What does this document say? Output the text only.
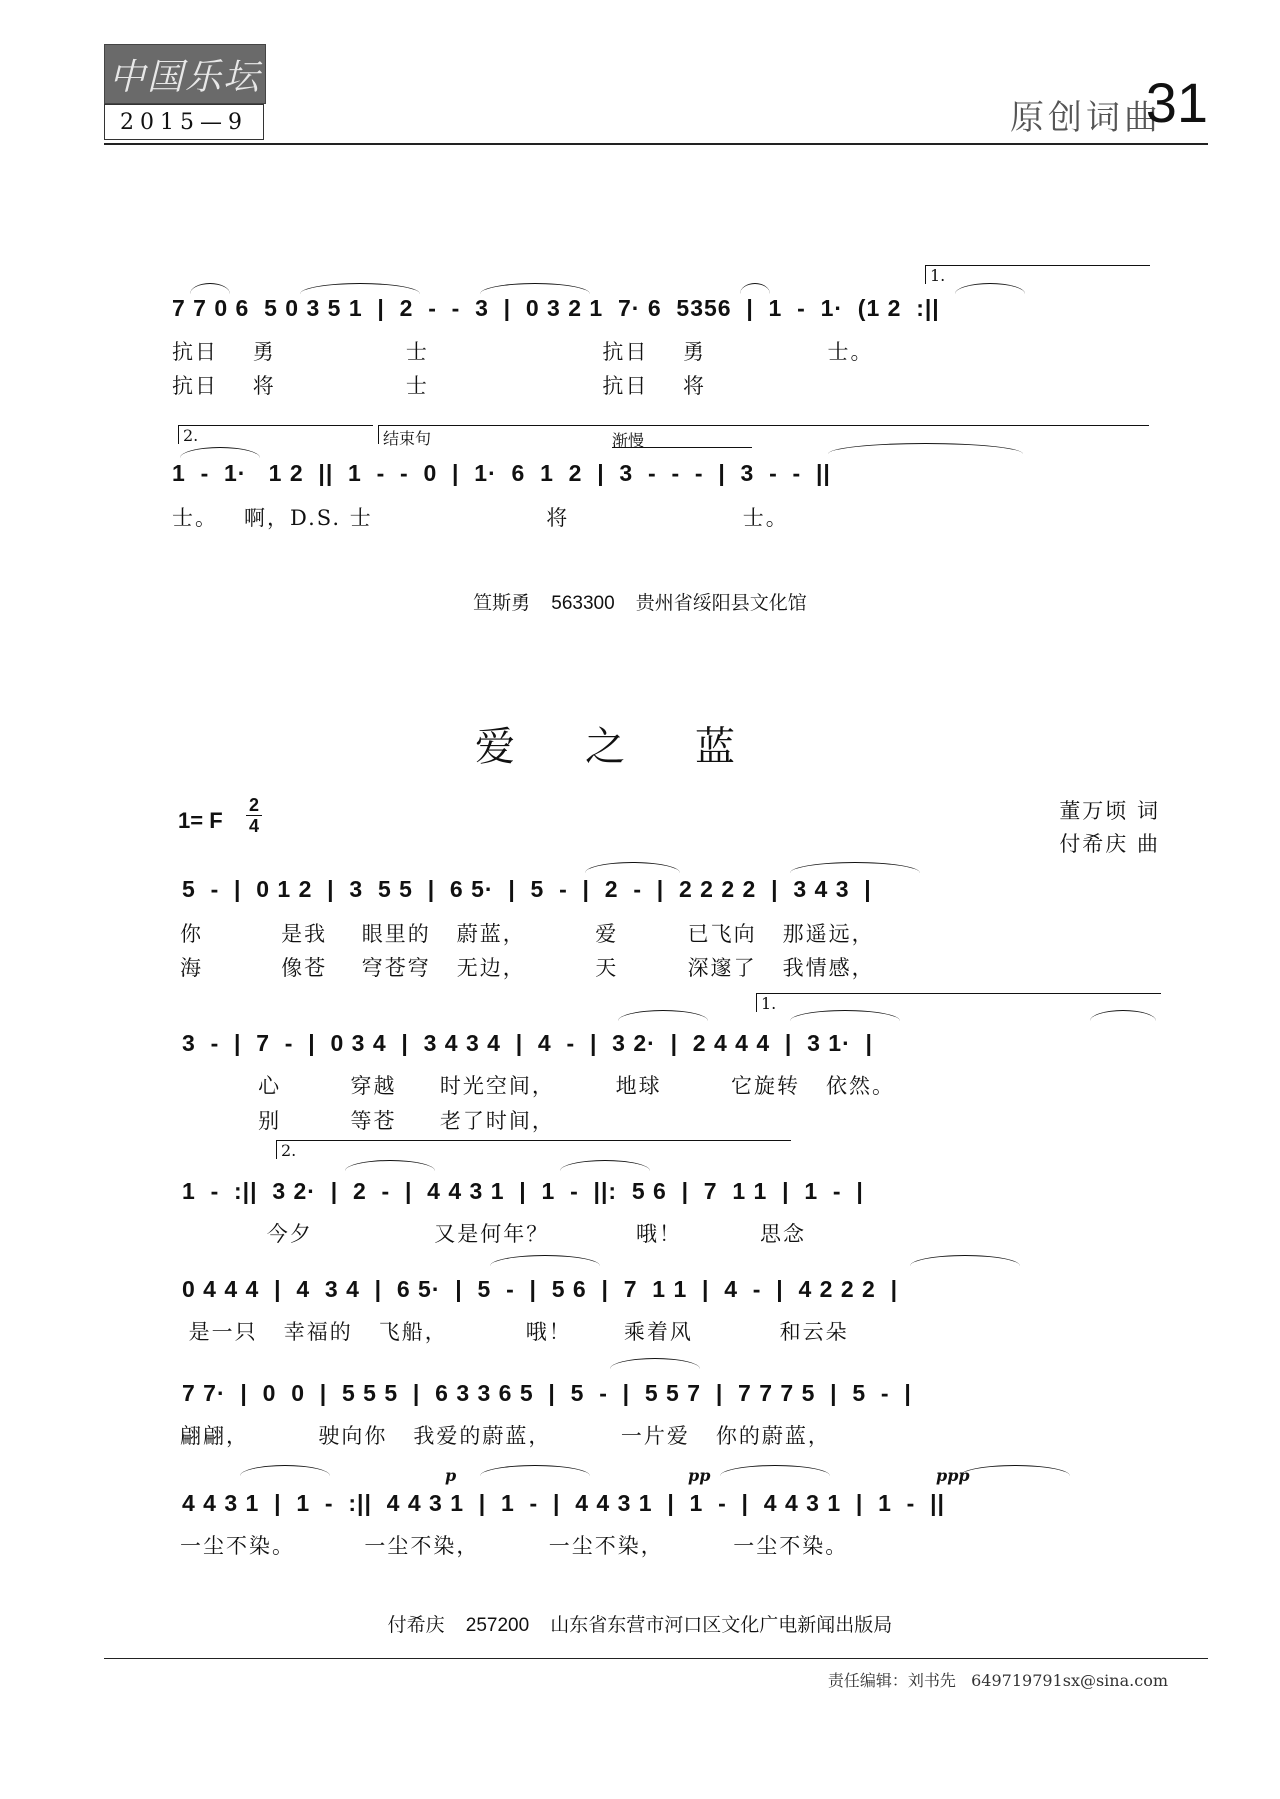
中国乐坛
2015—9	原创词曲
31
1.
7 7 0 6  5 0 3 5 1  |  2  -  -  3  |  0 3 2 1  7· 6  5356  |  1  -  1·  (1 2  :||
抗日    勇               士                    抗日    勇              士。
抗日    将               士                    抗日    将
2.	结束句	渐慢
1  -  1·   1 2  ||  1  -  -  0  |  1·  6  1  2  |  3  -  -  -  |  3  -  -  ||
士。   啊，D.S. 士                    将                    士。
笪斯勇    563300    贵州省绥阳县文化馆
爱之蓝
1= F
2
4
董万顷 词
付希庆 曲
5  -  |  0 1 2  |  3  5 5  |  6 5·  |  5  -  |  2  -  |  2 2 2 2  |  3 4 3  |
你         是我    眼里的   蔚蓝，        爱        已飞向   那遥远，
海         像苍    穹苍穹   无边，        天        深邃了   我情感，
1.
3  -  |  7  -  |  0 3 4  |  3 4 3 4  |  4  -  |  3 2·  |  2 4 4 4  |  3 1·  |
心        穿越     时光空间，       地球        它旋转   依然。
别        等苍     老了时间，
2.
1  -  :||  3 2·  |  2  -  |  4 4 3 1  |  1  -  ||:  5 6  |  7  1 1  |  1  -  |
今夕              又是何年？          哦！         思念
0 4 4 4  |  4  3 4  |  6 5·  |  5  -  |  5 6  |  7  1 1  |  4  -  |  4 2 2 2  |
是一只   幸福的   飞船，         哦！      乘着风          和云朵
7 7·  |  0  0  |  5 5 5  |  6 3 3 6 5  |  5  -  |  5 5 7  |  7 7 7 5  |  5  -  |
翩翩，        驶向你   我爱的蔚蓝，        一片爱   你的蔚蓝，
p	pp	ppp
4 4 3 1  |  1  -  :||  4 4 3 1  |  1  -  |  4 4 3 1  |  1  -  |  4 4 3 1  |  1  -  ||
一尘不染。        一尘不染，        一尘不染，        一尘不染。
付希庆    257200    山东省东营市河口区文化广电新闻出版局
责任编辑：刘书先   649719791sx@sina.com
